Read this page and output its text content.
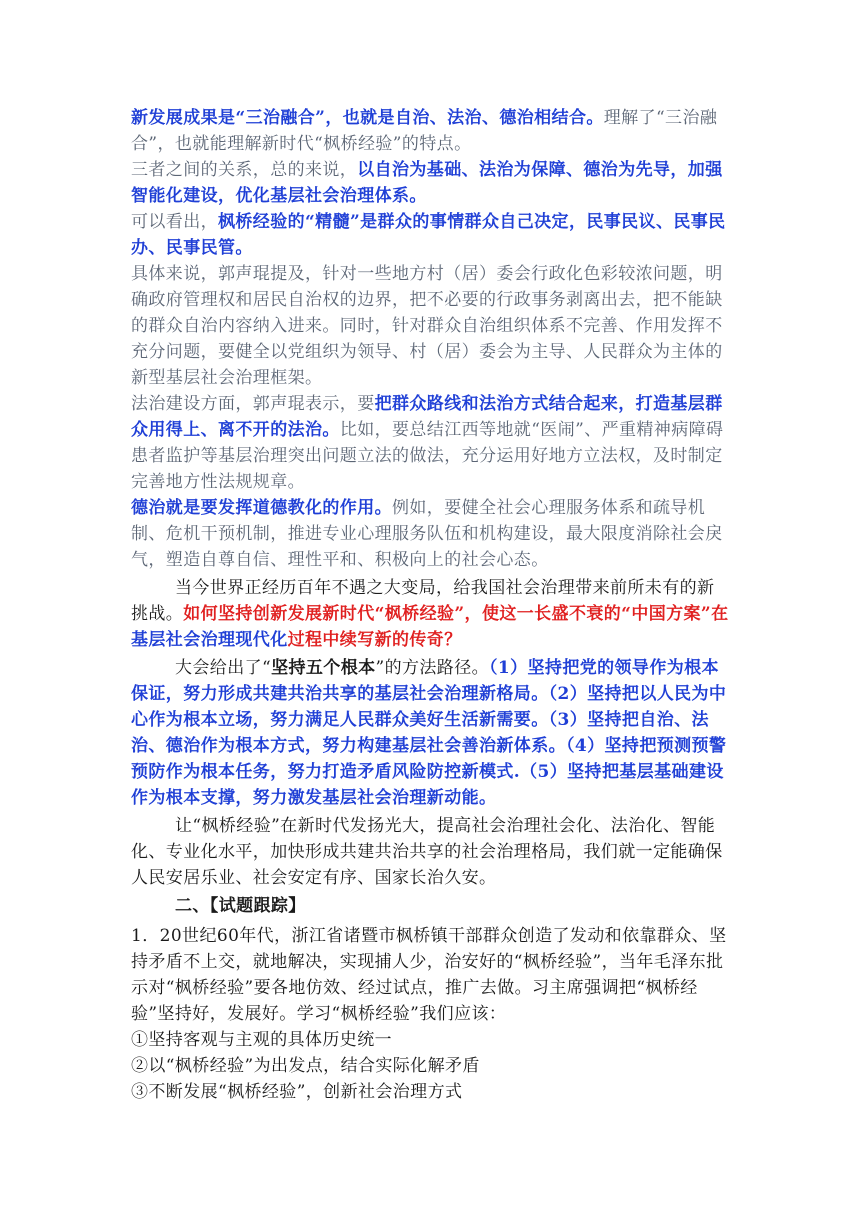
新发展成果是“三治融合”，也就是自治、法治、德治相结合。理解了“三治融合”，也就能理解新时代“枫桥经验”的特点。

三者之间的关系，总的来说，以自治为基础、法治为保障、德治为先导，加强智能化建设，优化基层社会治理体系。

可以看出，枫桥经验的“精髓”是群众的事情群众自己决定，民事民议、民事民办、民事民管。

具体来说，郭声琨提及，针对一些地方村（居）委会行政化色彩较浓问题，明确政府管理权和居民自治权的边界，把不必要的行政事务剥离出去，把不能缺的群众自治内容纳入进来。同时，针对群众自治组织体系不完善、作用发挥不充分问题，要健全以党组织为领导、村（居）委会为主导、人民群众为主体的新型基层社会治理框架。

法治建设方面，郭声琨表示，要把群众路线和法治方式结合起来，打造基层群众用得上、离不开的法治。比如，要总结江西等地就“医闹”、严重精神病障碍患者监护等基层治理突出问题立法的做法，充分运用好地方立法权，及时制定完善地方性法规规章。

德治就是要发挥道德教化的作用。例如，要健全社会心理服务体系和疏导机制、危机干预机制，推进专业心理服务队伍和机构建设，最大限度消除社会戾气，塑造自尊自信、理性平和、积极向上的社会心态。

当今世界正经历百年不遇之大变局，给我国社会治理带来前所未有的新挑战。如何坚持创新发展新时代“枫桥经验”，使这一长盛不衰的“中国方案”在基层社会治理现代化过程中续写新的传奇？

大会给出了“坚持五个根本”的方法路径。（1）坚持把党的领导作为根本保证，努力形成共建共治共享的基层社会治理新格局。（2）坚持把以人民为中心作为根本立场，努力满足人民群众美好生活新需要。（3）坚持把自治、法治、德治作为根本方式，努力构建基层社会善治新体系。（4）坚持把预测预警预防作为根本任务，努力打造矛盾风险防控新模式.（5）坚持把基层基础建设作为根本支撑，努力激发基层社会治理新动能。

让“枫桥经验”在新时代发扬光大，提高社会治理社会化、法治化、智能化、专业化水平，加快形成共建共治共享的社会治理格局，我们就一定能确保人民安居乐业、社会安定有序、国家长治久安。

二、【试题跟踪】

1．20世纪60年代，浙江省诸暨市枫桥镇干部群众创造了发动和依靠群众、坚持矛盾不上交，就地解决，实现捕人少，治安好的“枫桥经验”，当年毛泽东批示对“枫桥经验”要各地仿效、经过试点，推广去做。习主席强调把“枫桥经验”坚持好，发展好。学习“枫桥经验”我们应该：

①坚持客观与主观的具体历史统一

②以“枫桥经验”为出发点，结合实际化解矛盾

③不断发展“枫桥经验”，创新社会治理方式
